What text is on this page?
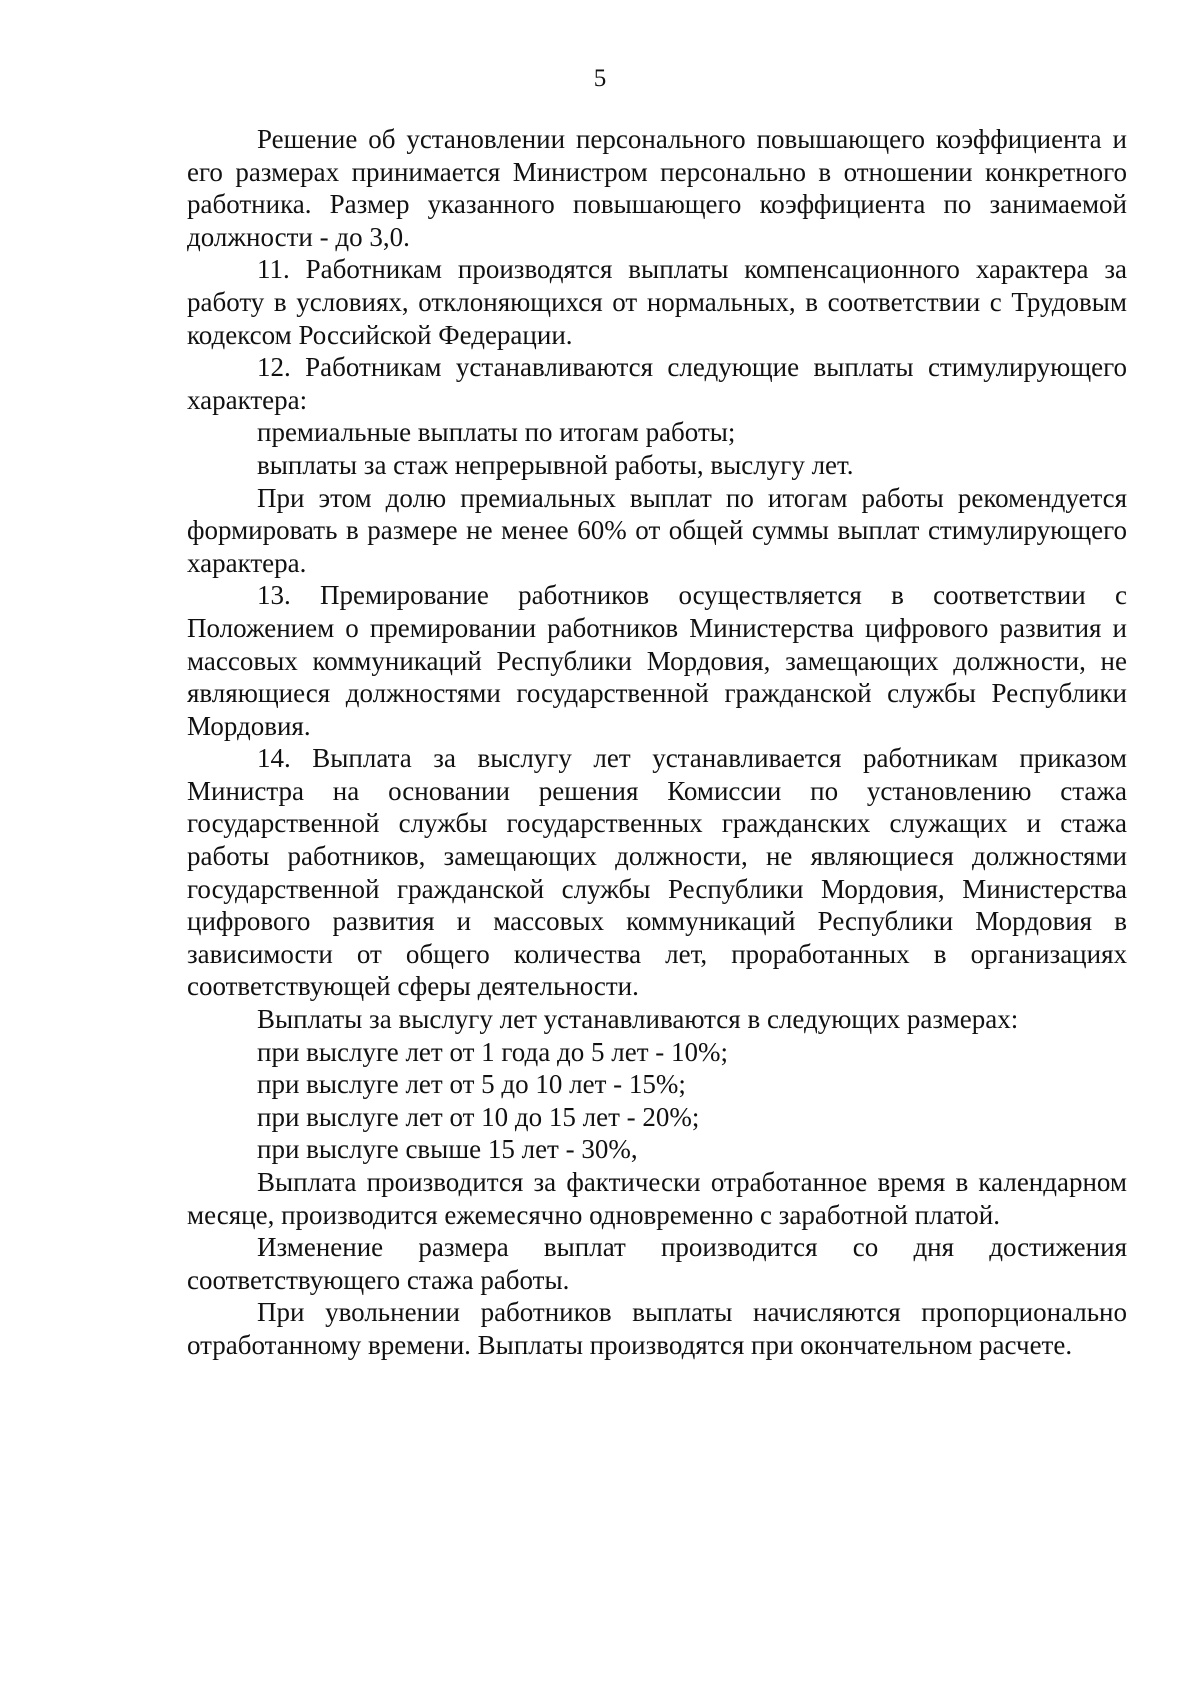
5

Решение об установлении персонального повышающего коэффициента и его размерах принимается Министром персонально в отношении конкретного работника. Размер указанного повышающего коэффициента по занимаемой должности - до 3,0.

11. Работникам производятся выплаты компенсационного характера за работу в условиях, отклоняющихся от нормальных, в соответствии с Трудовым кодексом Российской Федерации.

12. Работникам устанавливаются следующие выплаты стимулирующего характера:

премиальные выплаты по итогам работы;

выплаты за стаж непрерывной работы, выслугу лет.

При этом долю премиальных выплат по итогам работы рекомендуется формировать в размере не менее 60% от общей суммы выплат стимулирующего характера.

13. Премирование работников осуществляется в соответствии с Положением о премировании работников Министерства цифрового развития и массовых коммуникаций Республики Мордовия, замещающих должности, не являющиеся должностями государственной гражданской службы Республики Мордовия.

14. Выплата за выслугу лет устанавливается работникам приказом Министра на основании решения Комиссии по установлению стажа государственной службы государственных гражданских служащих и стажа работы работников, замещающих должности, не являющиеся должностями государственной гражданской службы Республики Мордовия, Министерства цифрового развития и массовых коммуникаций Республики Мордовия в зависимости от общего количества лет, проработанных в организациях соответствующей сферы деятельности.

Выплаты за выслугу лет устанавливаются в следующих размерах:

при выслуге лет от 1 года до 5 лет - 10%;

при выслуге лет от 5 до 10 лет - 15%;

при выслуге лет от 10 до 15 лет - 20%;

при выслуге свыше 15 лет - 30%,

Выплата производится за фактически отработанное время в календарном месяце, производится ежемесячно одновременно с заработной платой.

Изменение размера выплат производится со дня достижения соответствующего стажа работы.

При увольнении работников выплаты начисляются пропорционально отработанному времени. Выплаты производятся при окончательном расчете.
